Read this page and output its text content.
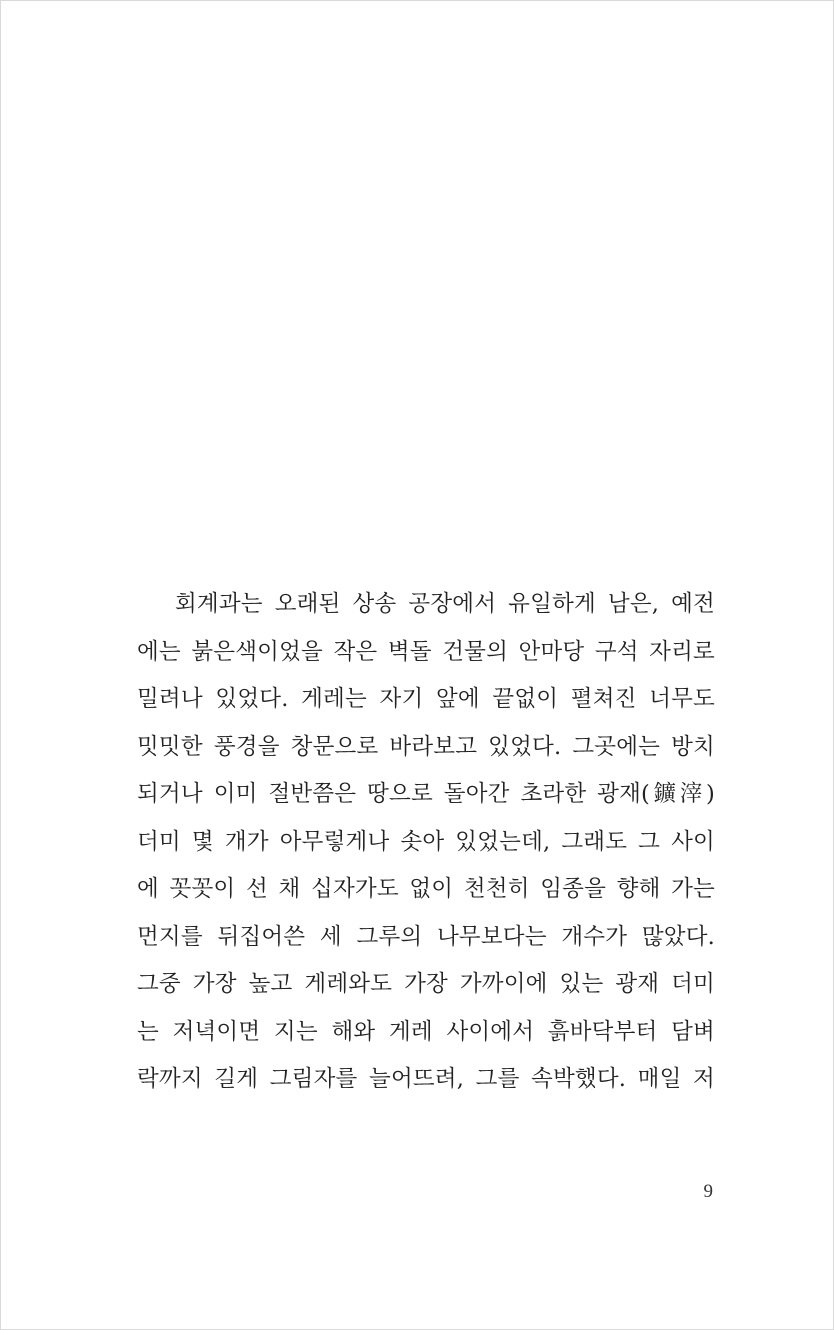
회계과는 오래된 상송 공장에서 유일하게 남은, 예전
에는 붉은색이었을 작은 벽돌 건물의 안마당 구석 자리로
밀려나 있었다. 게레는 자기 앞에 끝없이 펼쳐진 너무도
밋밋한 풍경을 창문으로 바라보고 있었다. 그곳에는 방치
되거나 이미 절반쯤은 땅으로 돌아간 초라한 광재(鑛滓)
더미 몇 개가 아무렇게나 솟아 있었는데, 그래도 그 사이
에 꼿꼿이 선 채 십자가도 없이 천천히 임종을 향해 가는
먼지를 뒤집어쓴 세 그루의 나무보다는 개수가 많았다.
그중 가장 높고 게레와도 가장 가까이에 있는 광재 더미
는 저녁이면 지는 해와 게레 사이에서 흙바닥부터 담벼
락까지 길게 그림자를 늘어뜨려, 그를 속박했다. 매일 저
9
